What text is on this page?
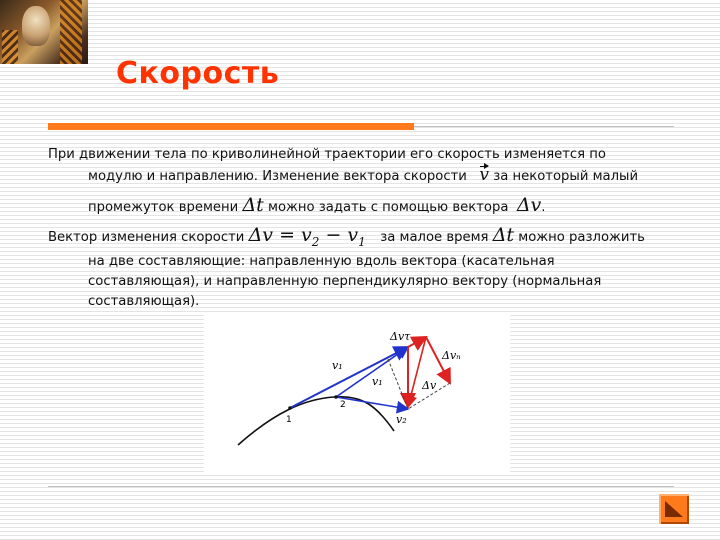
Скорость
При движении тела по криволинейной траектории его скорость изменяется по
модулю и направлению. Изменение вектора скорости v за некоторый малый
промежуток времени Δt можно задать с помощью вектора Δv.
Вектор изменения скорости $\Delta v = v_2 - v_1$ за малое время Δt можно разложить
на две составляющие: направленную вдоль вектора (касательная
составляющая), и направленную перпендикулярно вектору (нормальная
составляющая).
1
2
v₁
v₁
v₂
Δvτ
Δvₙ
Δv
